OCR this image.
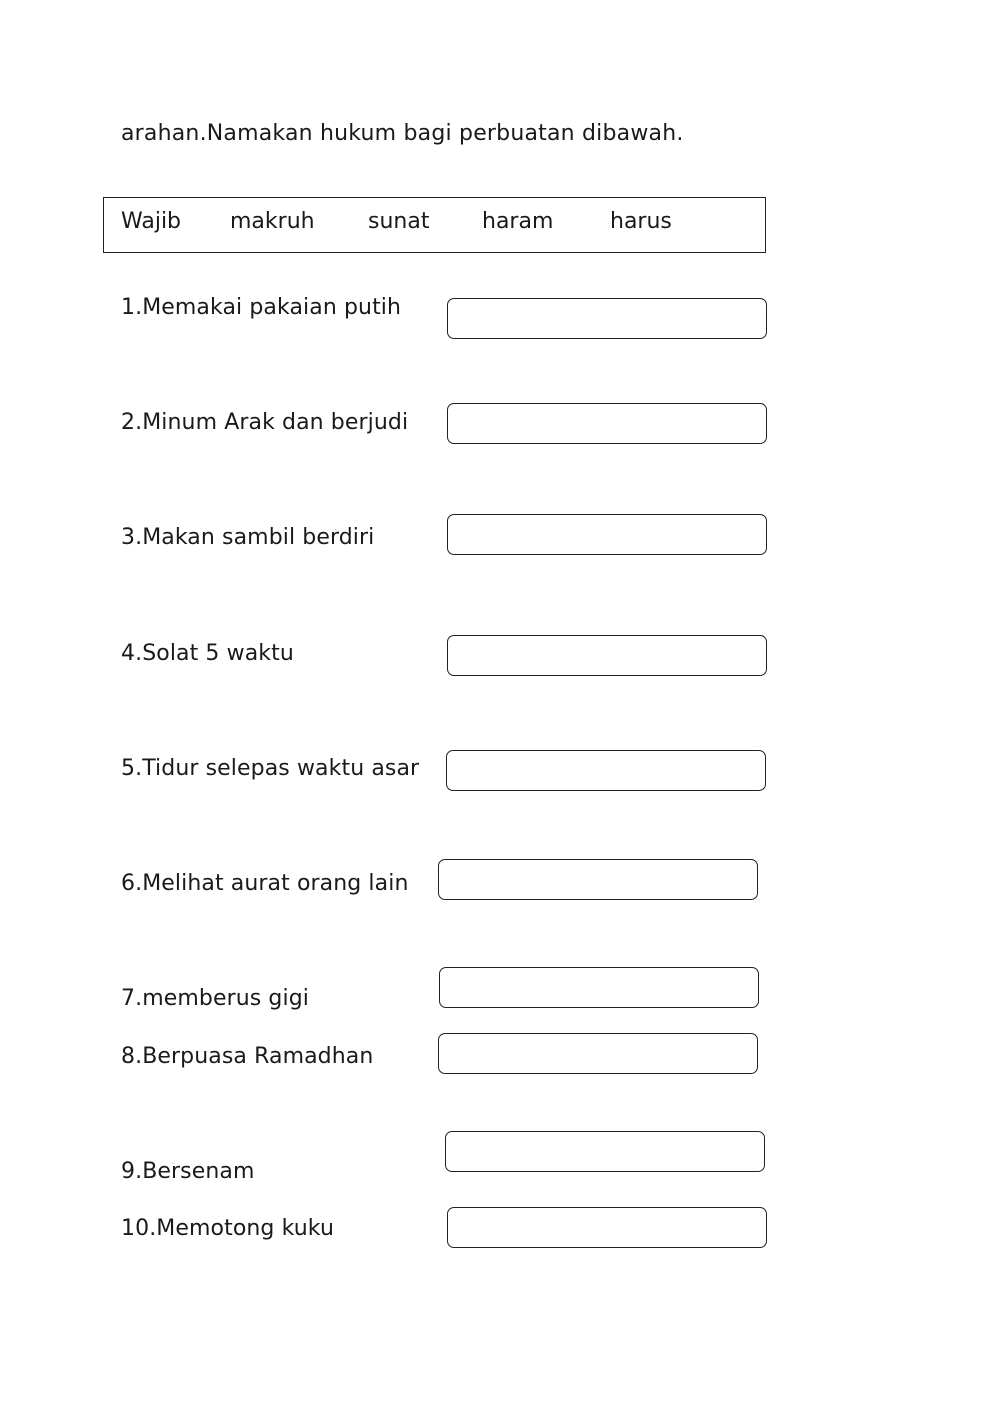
arahan.Namakan hukum bagi perbuatan dibawah.
Wajib makruh sunat haram	harus
1.Memakai pakaian putih
2.Minum Arak dan berjudi
3.Makan sambil berdiri
4.Solat 5 waktu
5.Tidur selepas waktu asar
6.Melihat aurat orang lain
7.memberus gigi
8.Berpuasa Ramadhan
9.Bersenam
10.Memotong kuku
